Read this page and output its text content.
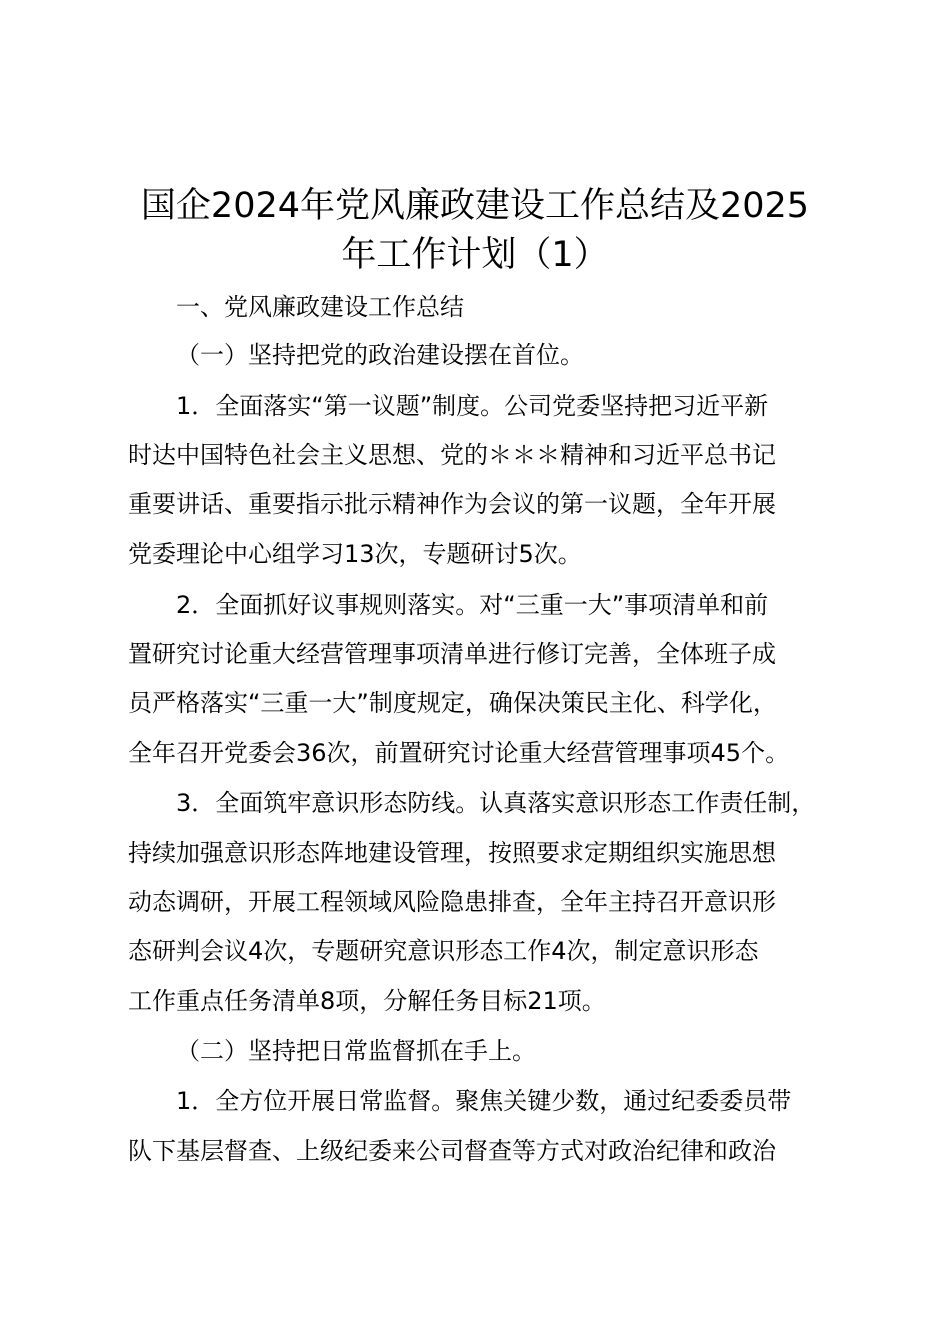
国企2024年党风廉政建设工作总结及2025
年工作计划（1）
一、党风廉政建设工作总结
（一）坚持把党的政治建设摆在首位。
1．全面落实“第一议题”制度。公司党委坚持把习近平新
时达中国特色社会主义思想、党的＊＊＊精神和习近平总书记
重要讲话、重要指示批示精神作为会议的第一议题，全年开展
党委理论中心组学习13次，专题研讨5次。
2．全面抓好议事规则落实。对“三重一大”事项清单和前
置研究讨论重大经营管理事项清单进行修订完善，全体班子成
员严格落实“三重一大”制度规定，确保决策民主化、科学化，
全年召开党委会36次，前置研究讨论重大经营管理事项45个。
3．全面筑牢意识形态防线。认真落实意识形态工作责任制，
持续加强意识形态阵地建设管理，按照要求定期组织实施思想
动态调研，开展工程领域风险隐患排查，全年主持召开意识形
态研判会议4次，专题研究意识形态工作4次，制定意识形态
工作重点任务清单8项，分解任务目标21项。
（二）坚持把日常监督抓在手上。
1．全方位开展日常监督。聚焦关键少数，通过纪委委员带
队下基层督查、上级纪委来公司督查等方式对政治纪律和政治
